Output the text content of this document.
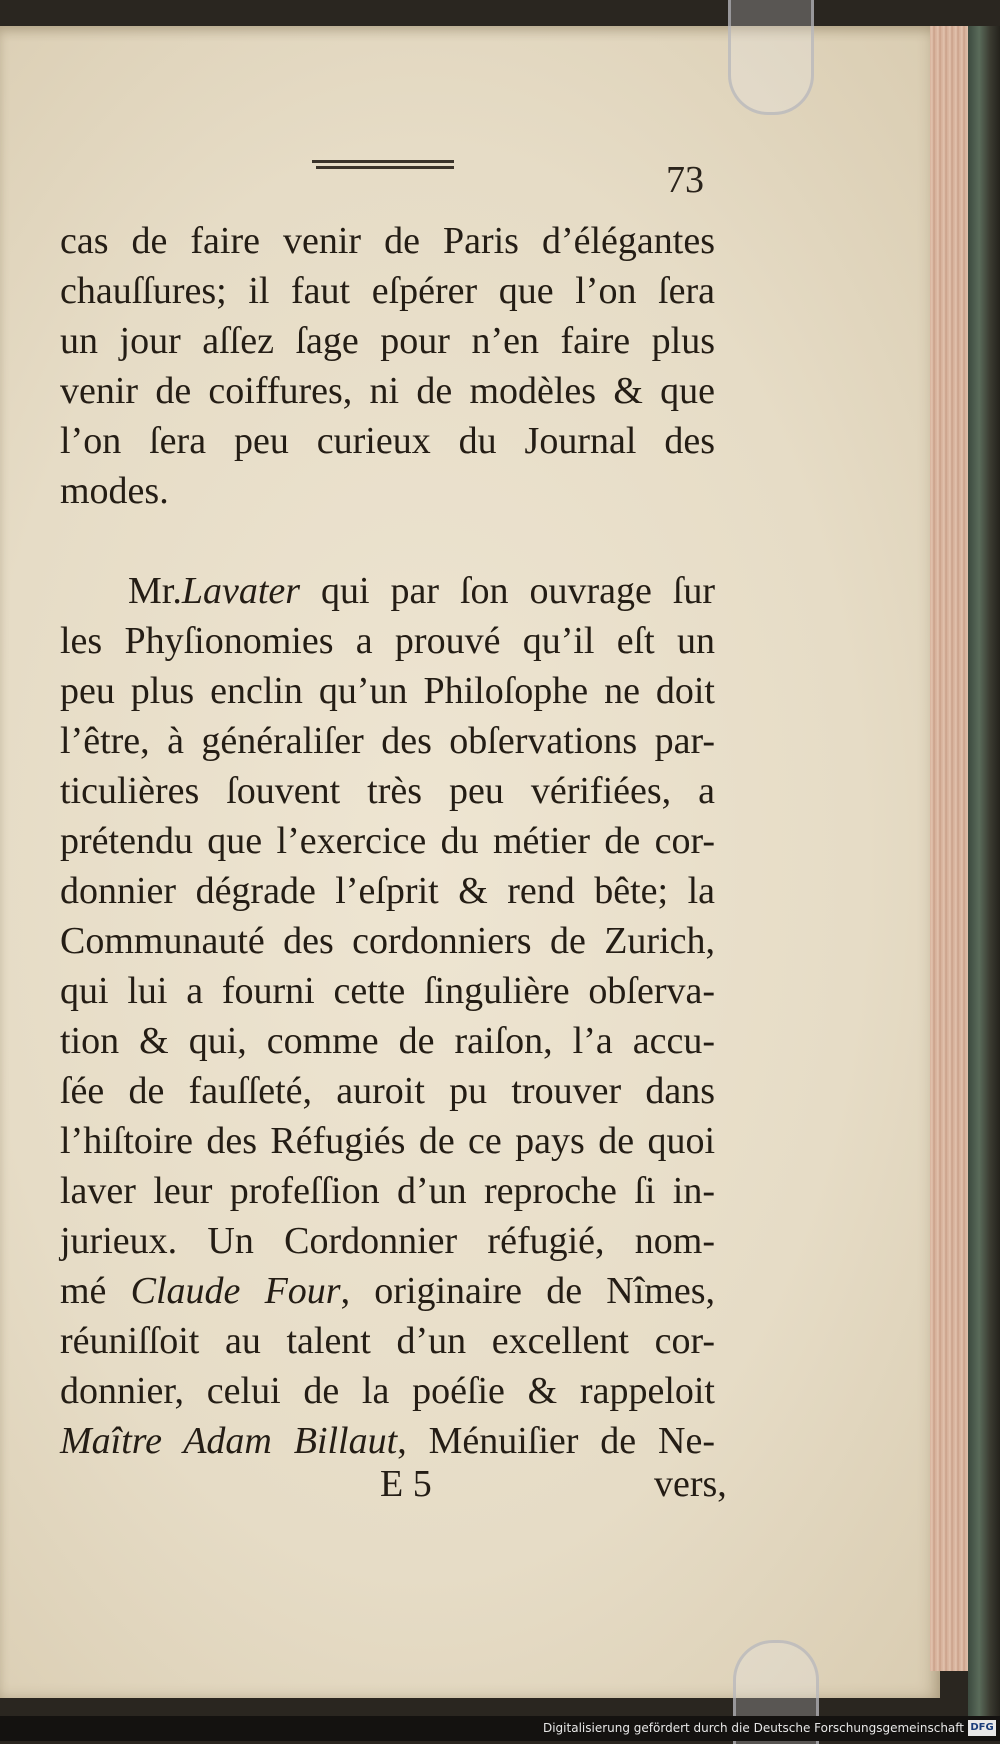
73
cas de faire venir de Paris d’élégantes
chauſſures; il faut eſpérer que l’on ſera
un jour aſſez ſage pour n’en faire plus
venir de coiffures, ni de modèles & que
l’on ſera peu curieux du Journal des
modes.
Mr.Lavater qui par ſon ouvrage ſur
les Phyſionomies a prouvé qu’il eſt un
peu plus enclin qu’un Philoſophe ne doit
l’être, à généraliſer des obſervations par-
ticulières ſouvent très peu vérifiées, a
prétendu que l’exercice du métier de cor-
donnier dégrade l’eſprit & rend bête; la
Communauté des cordonniers de Zurich,
qui lui a fourni cette ſingulière obſerva-
tion & qui, comme de raiſon, l’a accu-
ſée de fauſſeté, auroit pu trouver dans
l’hiſtoire des Réfugiés de ce pays de quoi
laver leur profeſſion d’un reproche ſi in-
jurieux. Un Cordonnier réfugié, nom-
mé Claude Four, originaire de Nîmes,
réuniſſoit au talent d’un excellent cor-
donnier, celui de la poéſie & rappeloit
Maître Adam Billaut, Ménuiſier de Ne-
E 5	vers,
Digitalisierung gefördert durch die Deutsche Forschungsgemeinschaft DFG
